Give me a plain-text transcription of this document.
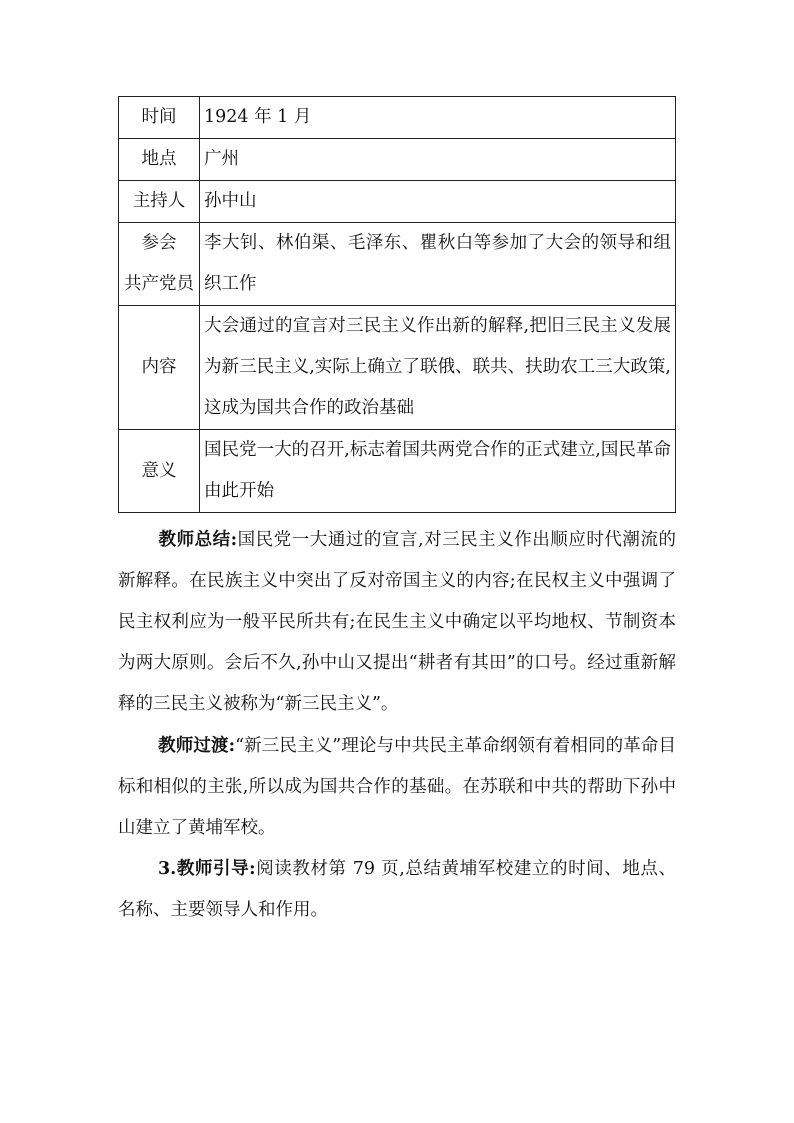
时间	1924 年 1 月
地点	广州
主持人	孙中山

参会
共产党员	李大钊、林伯渠、毛泽东、瞿秋白等参加了大会的领导和组织工作
内容	大会通过的宣言对三民主义作出新的解释,把旧三民主义发展为新三民主义,实际上确立了联俄、联共、扶助农工三大政策,这成为国共合作的政治基础
意义	国民党一大的召开,标志着国共两党合作的正式建立,国民革命由此开始

教师总结:国民党一大通过的宣言,对三民主义作出顺应时代潮流的新解释。在民族主义中突出了反对帝国主义的内容;在民权主义中强调了民主权利应为一般平民所共有;在民生主义中确定以平均地权、节制资本为两大原则。会后不久,孙中山又提出“耕者有其田”的口号。经过重新解释的三民主义被称为“新三民主义”。

教师过渡:“新三民主义”理论与中共民主革命纲领有着相同的革命目标和相似的主张,所以成为国共合作的基础。在苏联和中共的帮助下孙中山建立了黄埔军校。

3.教师引导:阅读教材第 79 页,总结黄埔军校建立的时间、地点、名称、主要领导人和作用。
